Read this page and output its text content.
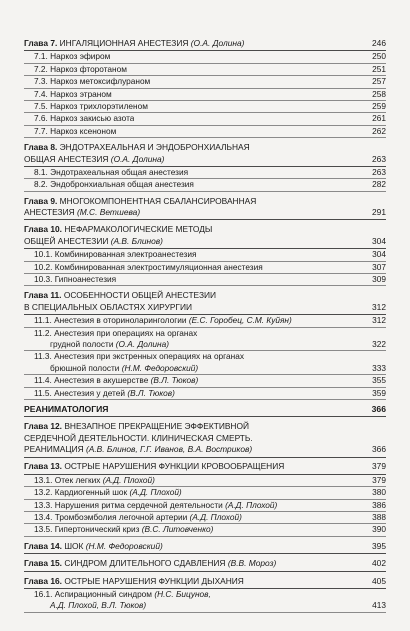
Глава 7. ИНГАЛЯЦИОННАЯ АНЕСТЕЗИЯ (О.А. Долина)	246
7.1. Наркоз эфиром	250
7.2. Наркоз фторотаном	251
7.3. Наркоз метоксифлураном	257
7.4. Наркоз этраном	258
7.5. Наркоз трихлорэтиленом	259
7.6. Наркоз закисью азота	261
7.7. Наркоз ксеноном	262
Глава 8. ЭНДОТРАХЕАЛЬНАЯ И ЭНДОБРОНХИАЛЬНАЯ
ОБЩАЯ АНЕСТЕЗИЯ (О.А. Долина)	263
8.1. Эндотрахеальная общая анестезия	263
8.2. Эндобронхиальная общая анестезия	282
Глава 9. МНОГОКОМПОНЕНТНАЯ СБАЛАНСИРОВАННАЯ
АНЕСТЕЗИЯ (М.С. Ветшева)	291
Глава 10. НЕФАРМАКОЛОГИЧЕСКИЕ МЕТОДЫ
ОБЩЕЙ АНЕСТЕЗИИ (А.В. Блинов)	304
10.1. Комбинированная электроанестезия	304
10.2. Комбинированная электростимуляционная анестезия	307
10.3. Гипноанестезия	309
Глава 11. ОСОБЕННОСТИ ОБЩЕЙ АНЕСТЕЗИИ
В СПЕЦИАЛЬНЫХ ОБЛАСТЯХ ХИРУРГИИ	312
11.1. Анестезия в оториноларингологии (Е.С. Горобец, С.М. Куйян)	312
11.2. Анестезия при операциях на органах
грудной полости (О.А. Долина)	322
11.3. Анестезия при экстренных операциях на органах
брюшной полости (Н.М. Федоровский)	333
11.4. Анестезия в акушерстве (В.Л. Тюков)	355
11.5. Анестезия у детей (В.Л. Тюков)	359
РЕАНИМАТОЛОГИЯ	366
Глава 12. ВНЕЗАПНОЕ ПРЕКРАЩЕНИЕ ЭФФЕКТИВНОЙ
СЕРДЕЧНОЙ ДЕЯТЕЛЬНОСТИ. КЛИНИЧЕСКАЯ СМЕРТЬ.
РЕАНИМАЦИЯ (А.В. Блинов, Г.Г. Иванов, В.А. Востриков)	366
Глава 13. ОСТРЫЕ НАРУШЕНИЯ ФУНКЦИИ КРОВООБРАЩЕНИЯ	379
13.1. Отек легких (А.Д. Плохой)	379
13.2. Кардиогенный шок (А.Д. Плохой)	380
13.3. Нарушения ритма сердечной деятельности (А.Д. Плохой)	386
13.4. Тромбоэмболия легочной артерии (А.Д. Плохой)	388
13.5. Гипертонический криз (В.С. Литовченко)	390
Глава 14. ШОК (Н.М. Федоровский)	395
Глава 15. СИНДРОМ ДЛИТЕЛЬНОГО СДАВЛЕНИЯ (В.В. Мороз)	402
Глава 16. ОСТРЫЕ НАРУШЕНИЯ ФУНКЦИИ ДЫХАНИЯ	405
16.1. Аспирационный синдром (Н.С. Бицунов,
А.Д. Плохой, В.Л. Тюков)	413
